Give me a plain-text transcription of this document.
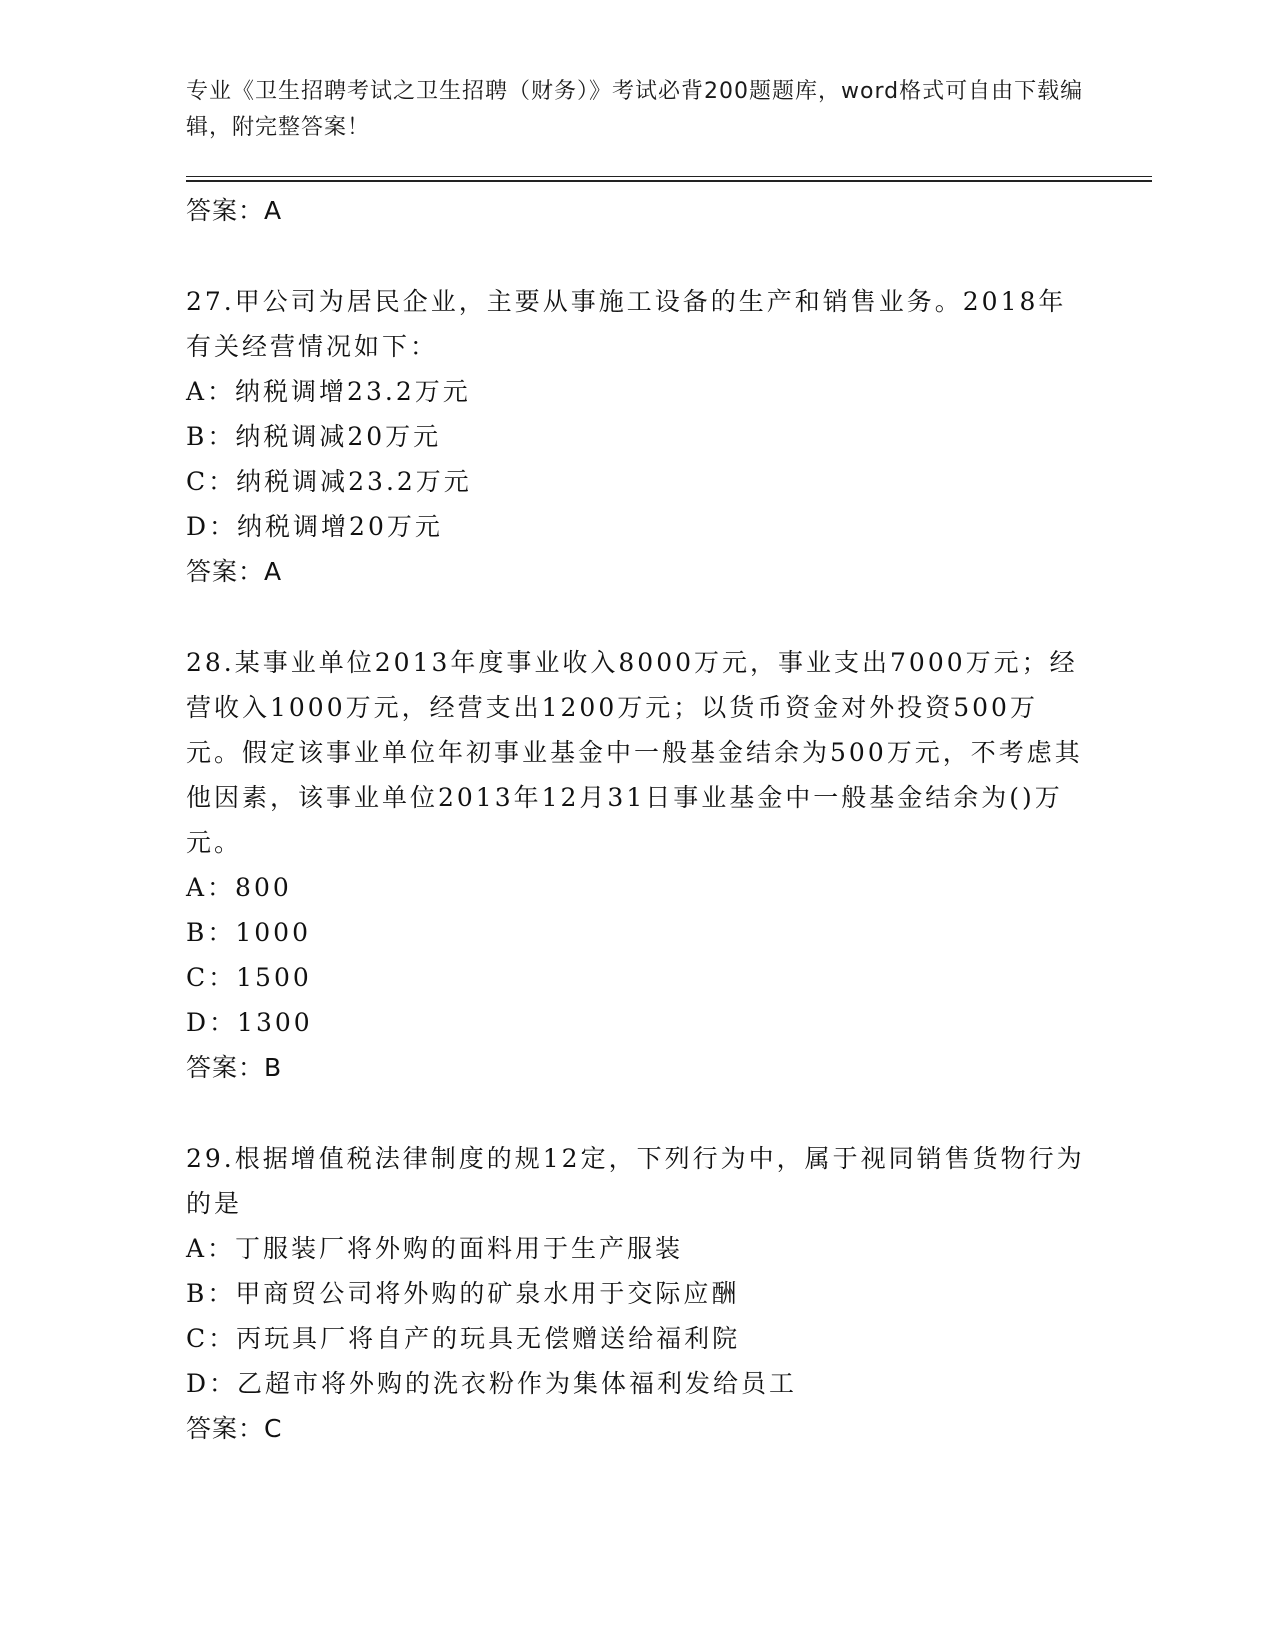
专业《卫生招聘考试之卫生招聘（财务）》考试必背200题题库，word格式可自由下载编辑，附完整答案！
答案：A

27.甲公司为居民企业，主要从事施工设备的生产和销售业务。2018年有关经营情况如下：

A：纳税调增23.2万元
B：纳税调减20万元
C：纳税调减23.2万元
D：纳税调增20万元
答案：A

28.某事业单位2013年度事业收入8000万元，事业支出7000万元；经营收入1000万元，经营支出1200万元；以货币资金对外投资500万元。假定该事业单位年初事业基金中一般基金结余为500万元，不考虑其他因素，该事业单位2013年12月31日事业基金中一般基金结余为()万元。

A：800
B：1000
C：1500
D：1300
答案：B

29.根据增值税法律制度的规12定，下列行为中，属于视同销售货物行为的是

A：丁服装厂将外购的面料用于生产服装
B：甲商贸公司将外购的矿泉水用于交际应酬
C：丙玩具厂将自产的玩具无偿赠送给福利院
D：乙超市将外购的洗衣粉作为集体福利发给员工
答案：C
